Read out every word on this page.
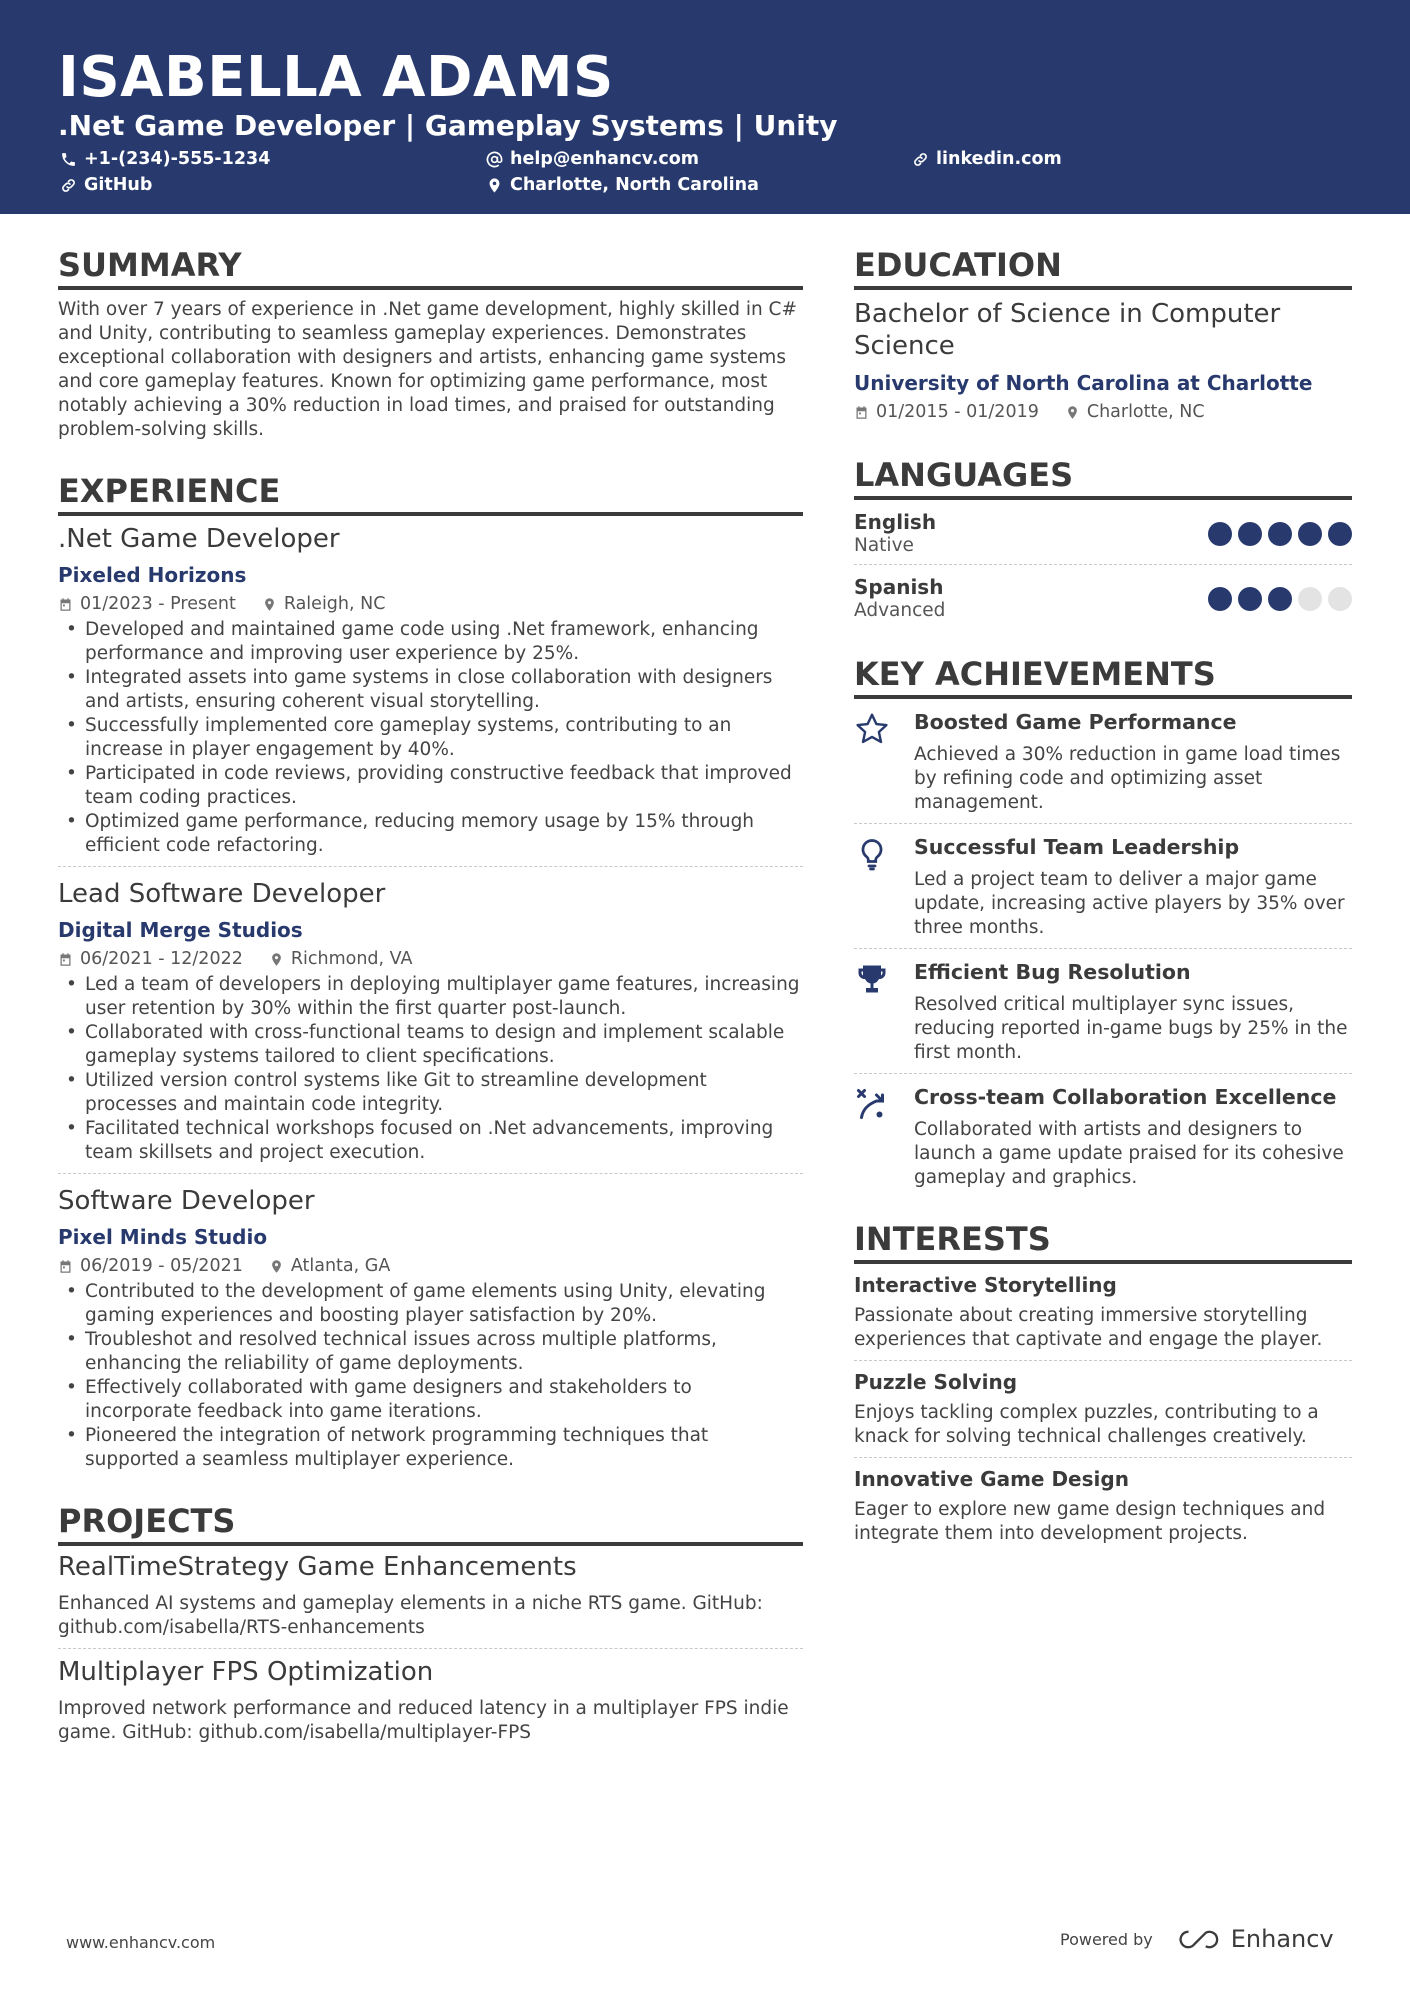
ISABELLA ADAMS
.Net Game Developer | Gameplay Systems | Unity
+1-(234)-555-1234	help@enhancv.com	linkedin.com
GitHub	Charlotte, North Carolina
SUMMARY
With over 7 years of experience in .Net game development, highly skilled in C# and Unity, contributing to seamless gameplay experiences. Demonstrates exceptional collaboration with designers and artists, enhancing game systems and core gameplay features. Known for optimizing game performance, most notably achieving a 30% reduction in load times, and praised for outstanding problem-solving skills.
EXPERIENCE
.Net Game Developer
Pixeled Horizons
01/2023 - Present	Raleigh, NC
• Developed and maintained game code using .Net framework, enhancing performance and improving user experience by 25%.
• Integrated assets into game systems in close collaboration with designers and artists, ensuring coherent visual storytelling.
• Successfully implemented core gameplay systems, contributing to an increase in player engagement by 40%.
• Participated in code reviews, providing constructive feedback that improved team coding practices.
• Optimized game performance, reducing memory usage by 15% through efficient code refactoring.
Lead Software Developer
Digital Merge Studios
06/2021 - 12/2022	Richmond, VA
• Led a team of developers in deploying multiplayer game features, increasing user retention by 30% within the first quarter post-launch.
• Collaborated with cross-functional teams to design and implement scalable gameplay systems tailored to client specifications.
• Utilized version control systems like Git to streamline development processes and maintain code integrity.
• Facilitated technical workshops focused on .Net advancements, improving team skillsets and project execution.
Software Developer
Pixel Minds Studio
06/2019 - 05/2021	Atlanta, GA
• Contributed to the development of game elements using Unity, elevating gaming experiences and boosting player satisfaction by 20%.
• Troubleshot and resolved technical issues across multiple platforms, enhancing the reliability of game deployments.
• Effectively collaborated with game designers and stakeholders to incorporate feedback into game iterations.
• Pioneered the integration of network programming techniques that supported a seamless multiplayer experience.
PROJECTS
RealTimeStrategy Game Enhancements
Enhanced AI systems and gameplay elements in a niche RTS game. GitHub: github.com/isabella/RTS-enhancements
Multiplayer FPS Optimization
Improved network performance and reduced latency in a multiplayer FPS indie game. GitHub: github.com/isabella/multiplayer-FPS
EDUCATION
Bachelor of Science in Computer Science
University of North Carolina at Charlotte
01/2015 - 01/2019	Charlotte, NC
LANGUAGES
English
Native
Spanish
Advanced
KEY ACHIEVEMENTS
Boosted Game Performance
Achieved a 30% reduction in game load times by refining code and optimizing asset management.
Successful Team Leadership
Led a project team to deliver a major game update, increasing active players by 35% over three months.
Efficient Bug Resolution
Resolved critical multiplayer sync issues, reducing reported in-game bugs by 25% in the first month.
Cross-team Collaboration Excellence
Collaborated with artists and designers to launch a game update praised for its cohesive gameplay and graphics.
INTERESTS
Interactive Storytelling
Passionate about creating immersive storytelling experiences that captivate and engage the player.
Puzzle Solving
Enjoys tackling complex puzzles, contributing to a knack for solving technical challenges creatively.
Innovative Game Design
Eager to explore new game design techniques and integrate them into development projects.
www.enhancv.com	Powered by	Enhancv
